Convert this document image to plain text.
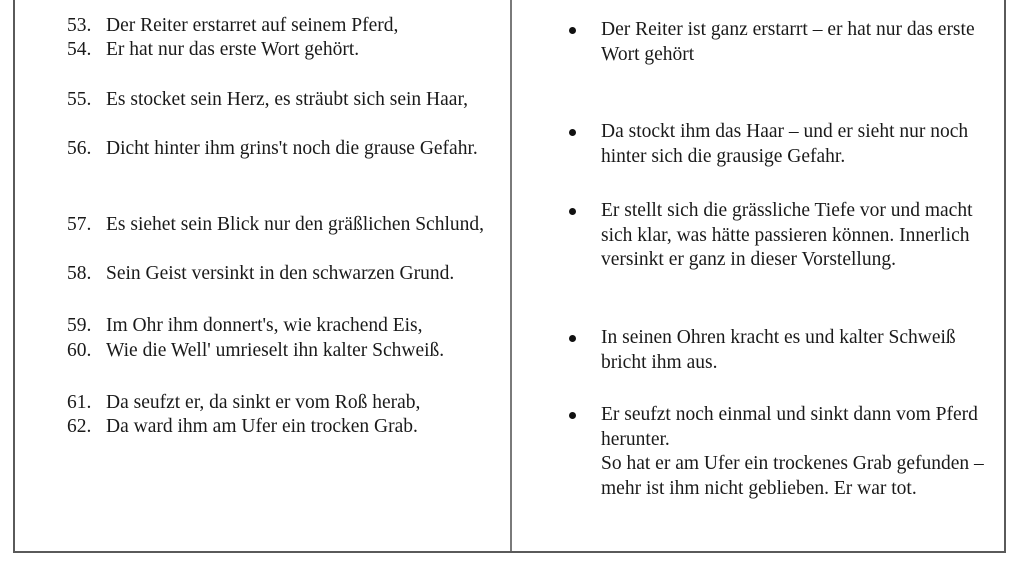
53. Der Reiter erstarret auf seinem Pferd,
54. Er hat nur das erste Wort gehört.
55. Es stocket sein Herz, es sträubt sich sein Haar,
56. Dicht hinter ihm grins't noch die grause Gefahr.
57. Es siehet sein Blick nur den gräßlichen Schlund,
58. Sein Geist versinkt in den schwarzen Grund.
59. Im Ohr ihm donnert's, wie krachend Eis,
60. Wie die Well' umrieselt ihn kalter Schweiß.
61. Da seufzt er, da sinkt er vom Roß herab,
62. Da ward ihm am Ufer ein trocken Grab.
Der Reiter ist ganz erstarrt – er hat nur das erste Wort gehört
Da stockt ihm das Haar – und er sieht nur noch hinter sich die grausige Gefahr.
Er stellt sich die grässliche Tiefe vor und macht sich klar, was hätte passieren können. Innerlich versinkt er ganz in dieser Vorstellung.
In seinen Ohren kracht es und kalter Schweiß bricht ihm aus.
Er seufzt noch einmal und sinkt dann vom Pferd herunter.
So hat er am Ufer ein trockenes Grab gefunden – mehr ist ihm nicht geblieben. Er war tot.
